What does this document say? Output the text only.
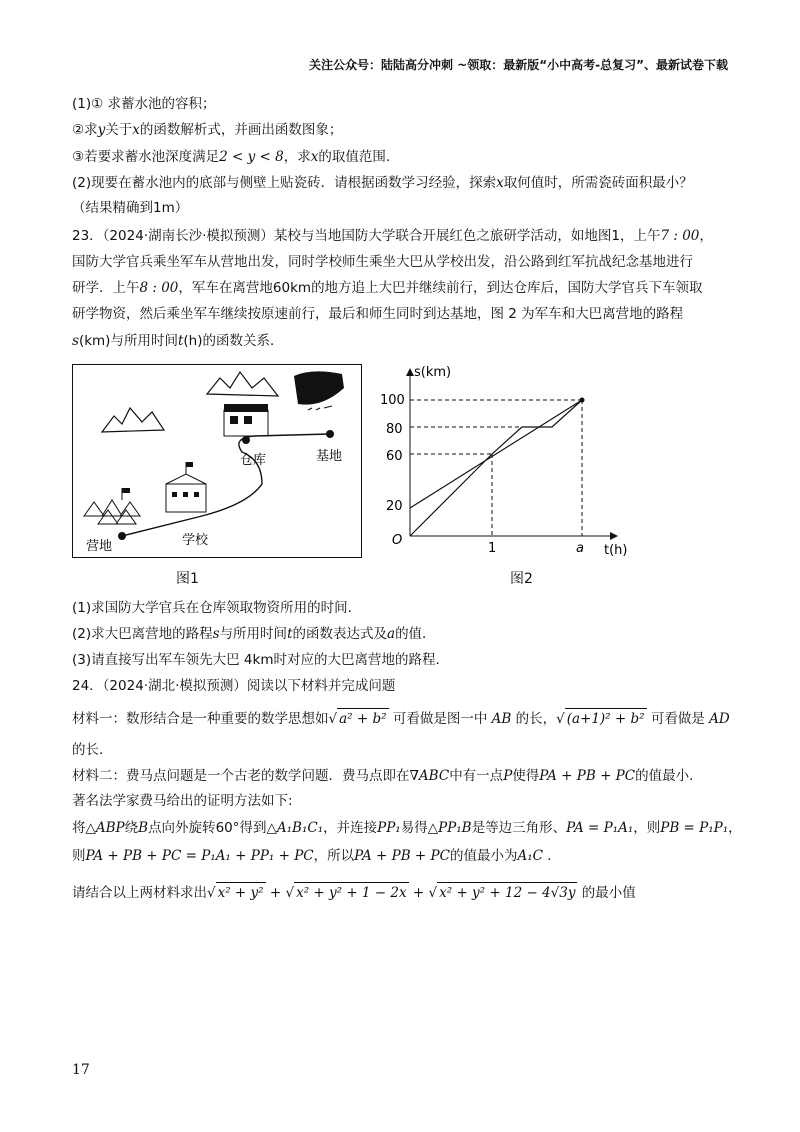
关注公众号：陆陆高分冲刺 ~领取：最新版“小中高考-总复习”、最新试卷下载
(1)① 求蓄水池的容积；
②求y关于x的函数解析式，并画出函数图象；
③若要求蓄水池深度满足2 < y < 8，求x的取值范围．
(2)现要在蓄水池内的底部与侧壁上贴瓷砖．请根据函数学习经验，探索x取何值时，所需瓷砖面积最小？
（结果精确到1m）
23．（2024·湖南长沙·模拟预测）某校与当地国防大学联合开展红色之旅研学活动，如地图1，上午7 : 00，
国防大学官兵乘坐军车从营地出发，同时学校师生乘坐大巴从学校出发，沿公路到红军抗战纪念基地进行
研学．上午8 : 00，军车在离营地60km的地方追上大巴并继续前行，到达仓库后，国防大学官兵下车领取
研学物资，然后乘坐军车继续按原速前行，最后和师生同时到达基地，图 2 为军车和大巴离营地的路程
s(km)与所用时间t(h)的函数关系．
仓库	基地
营地	学校
图1
s(km)
t(h)
O
100
80
60
20
1	a
图2
(1)求国防大学官兵在仓库领取物资所用的时间．
(2)求大巴离营地的路程s与所用时间t的函数表达式及a的值．
(3)请直接写出军车领先大巴 4km时对应的大巴离营地的路程．
24．（2024·湖北·模拟预测）阅读以下材料并完成问题
材料一：数形结合是一种重要的数学思想如√ a² + b² 可看做是图一中 AB 的长，√ (a+1)² + b² 可看做是 AD
的长．
材料二：费马点问题是一个古老的数学问题．费马点即在∇ABC中有一点P使得PA + PB + PC的值最小．
著名法学家费马给出的证明方法如下:
将△ABP绕B点向外旋转60°得到△A₁B₁C₁，并连接PP₁易得△PP₁B是等边三角形、PA = P₁A₁，则PB = P₁P₁，
则PA + PB + PC = P₁A₁ + PP₁ + PC，所以PA + PB + PC的值最小为A₁C ．
请结合以上两材料求出√ x² + y² + √ x² + y² + 1 − 2x + √ x² + y² + 12 − 4√3y 的最小值
17
